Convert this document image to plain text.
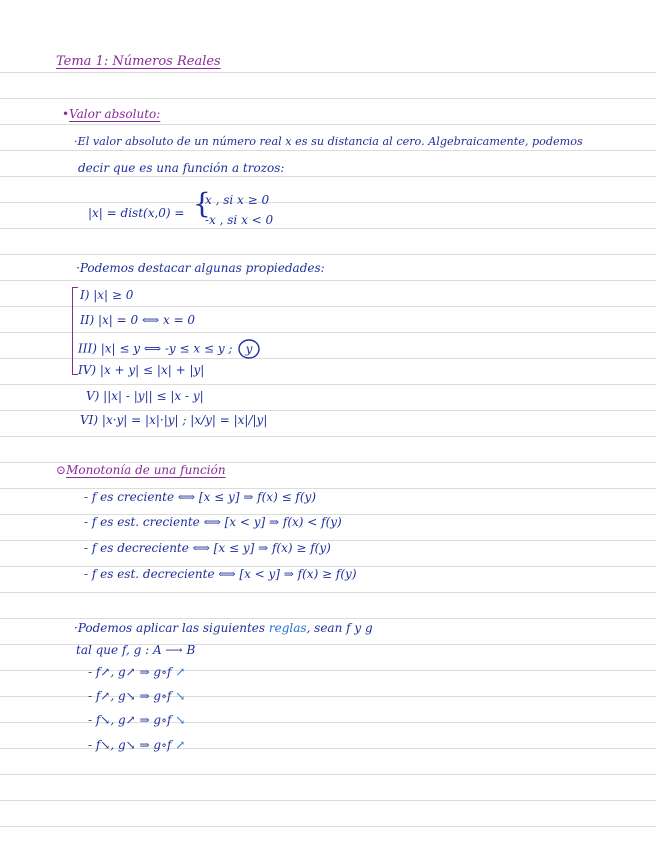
Tema 1: Números Reales
•Valor absoluto:
·El valor absoluto de un número real x es su distancia al cero. Algebraicamente, podemos
decir que es una función a trozos:
|x| = dist(x,0) = {
x , si x ≥ 0
-x , si x < 0
·Podemos destacar algunas propiedades:
I) |x| ≥ 0
II) |x| = 0 ⟺ x = 0
III) |x| ≤ y ⟺ -y ≤ x ≤ y ; y
IV) |x + y| ≤ |x| + |y|
V) ||x| - |y|| ≤ |x - y|
VI) |x·y| = |x|·|y| ; |x/y| = |x|/|y|
⊙Monotonía de una función
- f es creciente ⟺ [x ≤ y] ⇒ f(x) ≤ f(y)
- f es est. creciente ⟺ [x < y] ⇒ f(x) < f(y)
- f es decreciente ⟺ [x ≤ y] ⇒ f(x) ≥ f(y)
- f es est. decreciente ⟺ [x < y] ⇒ f(x) ≥ f(y)
·Podemos aplicar las siguientes reglas, sean f y g
tal que f, g : A ⟶ B
- f↗, g↗ ⇒ g∘f ↗
- f↗, g↘ ⇒ g∘f ↘
- f↘, g↗ ⇒ g∘f ↘
- f↘, g↘ ⇒ g∘f ↗
